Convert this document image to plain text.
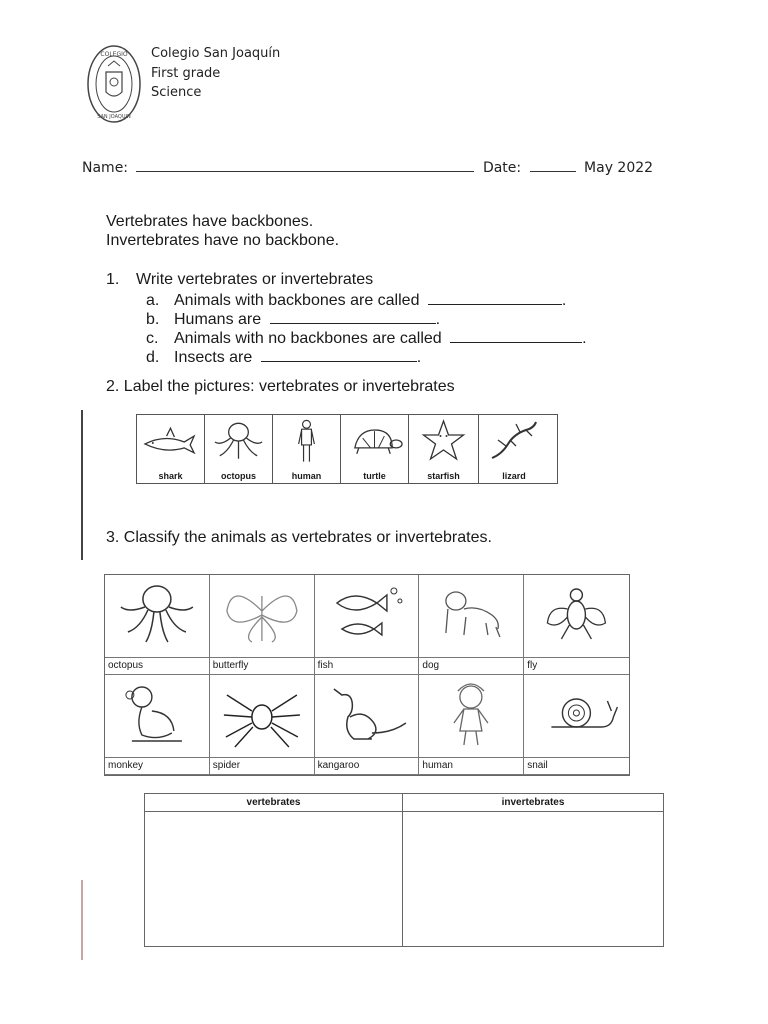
COLEGIO
SAN JOAQUIN
Colegio San Joaquín
First grade
Science
Name:	Date:	May 2022
Vertebrates have backbones.
Invertebrates have no backbone.
1.	Write vertebrates or invertebrates
a. Animals with backbones are called	.
b. Humans are	.
c. Animals with no backbones are called	.
d. Insects are	.
2. Label the pictures: vertebrates or invertebrates
shark	octopus	human	turtle	starfish	lizard
3. Classify the animals as vertebrates or invertebrates.
octopus	butterfly	fish	dog	fly
monkey	spider	kangaroo	human	snail
vertebrates	invertebrates
